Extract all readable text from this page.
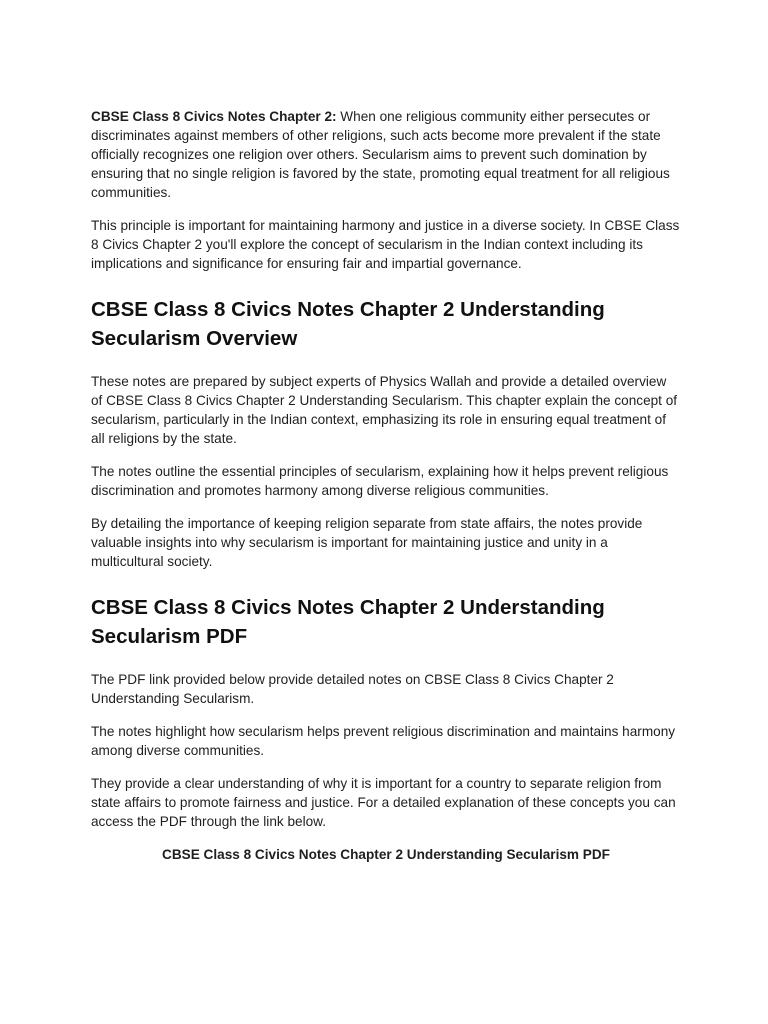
CBSE Class 8 Civics Notes Chapter 2: When one religious community either persecutes or discriminates against members of other religions, such acts become more prevalent if the state officially recognizes one religion over others. Secularism aims to prevent such domination by ensuring that no single religion is favored by the state, promoting equal treatment for all religious communities.

This principle is important for maintaining harmony and justice in a diverse society. In CBSE Class 8 Civics Chapter 2 you'll explore the concept of secularism in the Indian context including its implications and significance for ensuring fair and impartial governance.

CBSE Class 8 Civics Notes Chapter 2 Understanding Secularism Overview

These notes are prepared by subject experts of Physics Wallah and provide a detailed overview of CBSE Class 8 Civics Chapter 2 Understanding Secularism. This chapter explain the concept of secularism, particularly in the Indian context, emphasizing its role in ensuring equal treatment of all religions by the state.

The notes outline the essential principles of secularism, explaining how it helps prevent religious discrimination and promotes harmony among diverse religious communities.

By detailing the importance of keeping religion separate from state affairs, the notes provide valuable insights into why secularism is important for maintaining justice and unity in a multicultural society.

CBSE Class 8 Civics Notes Chapter 2 Understanding Secularism PDF

The PDF link provided below provide detailed notes on CBSE Class 8 Civics Chapter 2 Understanding Secularism.

The notes highlight how secularism helps prevent religious discrimination and maintains harmony among diverse communities.

They provide a clear understanding of why it is important for a country to separate religion from state affairs to promote fairness and justice. For a detailed explanation of these concepts you can access the PDF through the link below.

CBSE Class 8 Civics Notes Chapter 2 Understanding Secularism PDF
